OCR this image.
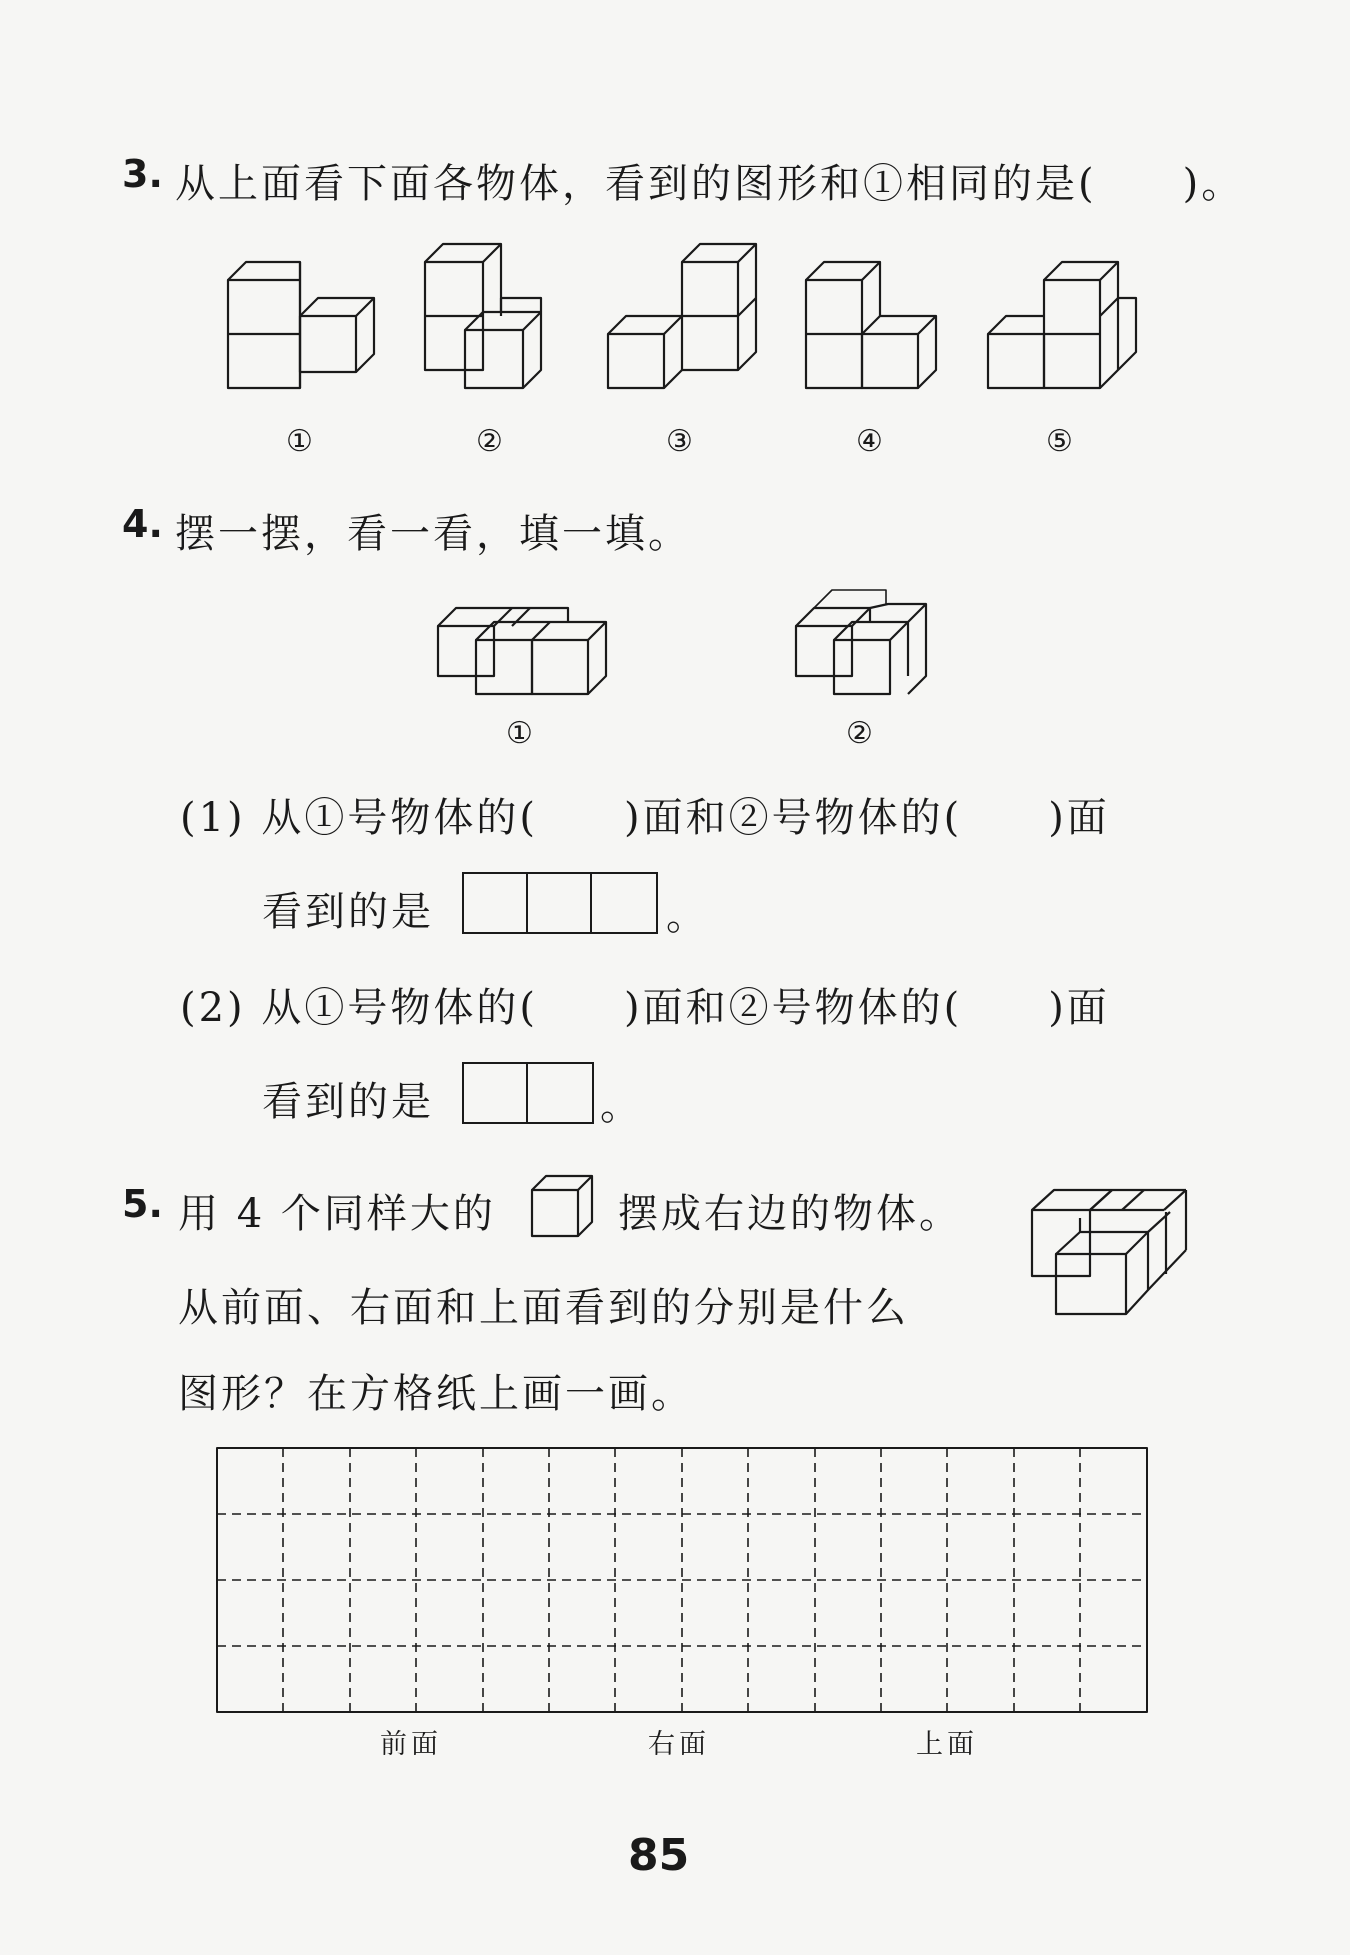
3. 从上面看下面各物体，看到的图形和①相同的是(　　)。
①	②	③	④	⑤
4. 摆一摆，看一看，填一填。
①	②
(1) 从①号物体的(　　)面和②号物体的(　　)面
看到的是	。
(2) 从①号物体的(　　)面和②号物体的(　　)面
看到的是	。
5. 用 4 个同样大的	摆成右边的物体。
从前面、右面和上面看到的分别是什么
图形？在方格纸上画一画。
前面	右面	上面
85
